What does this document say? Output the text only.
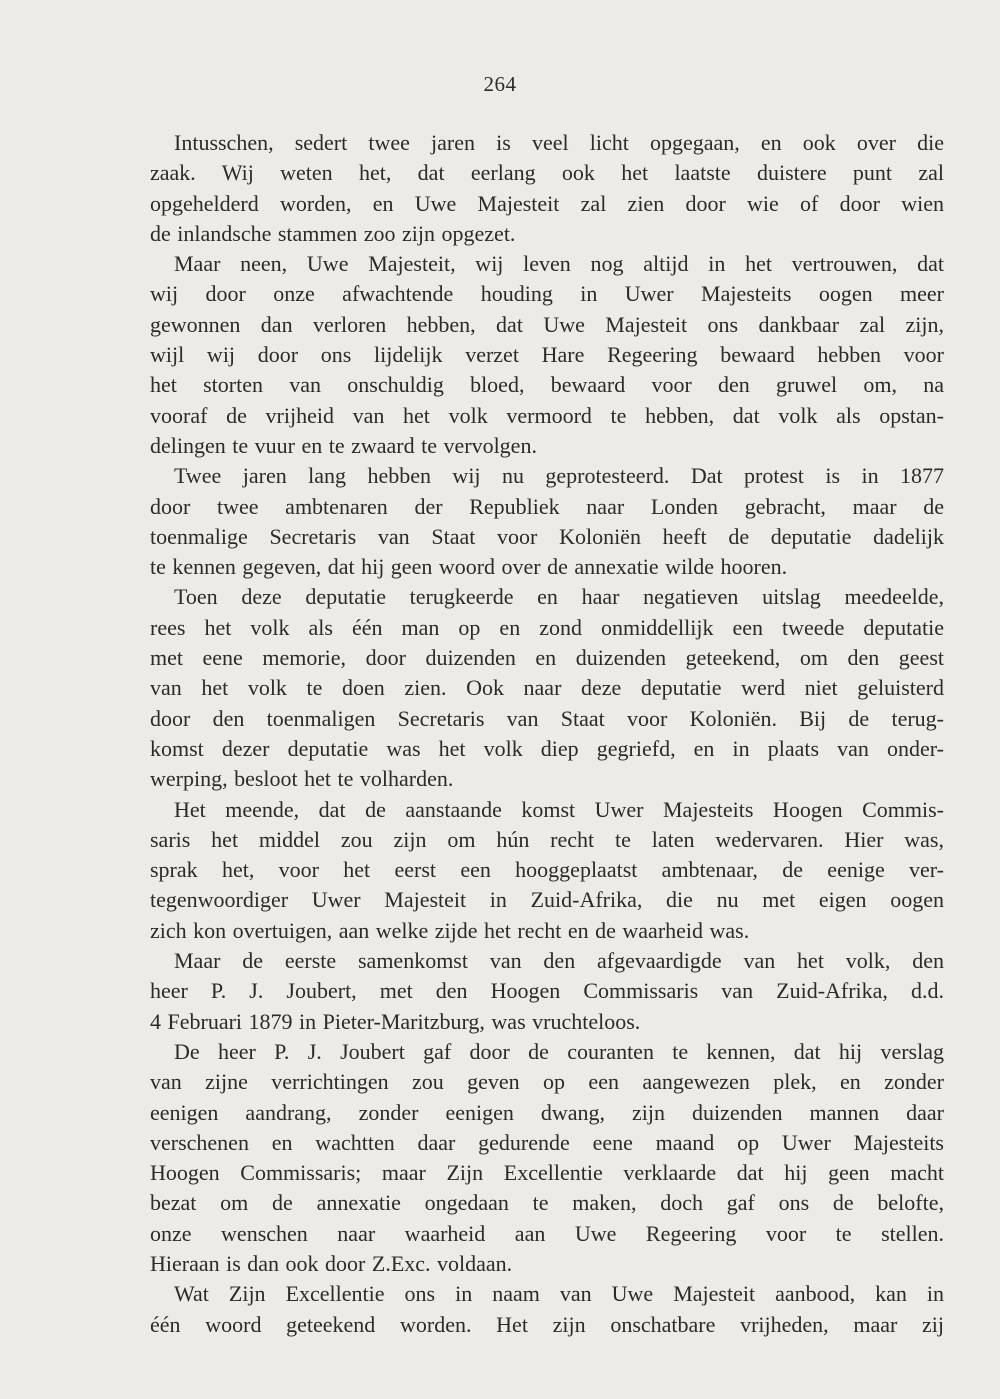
264
Intusschen, sedert twee jaren is veel licht opgegaan, en ook over die
zaak. Wij weten het, dat eerlang ook het laatste duistere punt zal
opgehelderd worden, en Uwe Majesteit zal zien door wie of door wien
de inlandsche stammen zoo zijn opgezet.
Maar neen, Uwe Majesteit, wij leven nog altijd in het vertrouwen, dat
wij door onze afwachtende houding in Uwer Majesteits oogen meer
gewonnen dan verloren hebben, dat Uwe Majesteit ons dankbaar zal zijn,
wijl wij door ons lijdelijk verzet Hare Regeering bewaard hebben voor
het storten van onschuldig bloed, bewaard voor den gruwel om, na
vooraf de vrijheid van het volk vermoord te hebben, dat volk als opstan-
delingen te vuur en te zwaard te vervolgen.
Twee jaren lang hebben wij nu geprotesteerd. Dat protest is in 1877
door twee ambtenaren der Republiek naar Londen gebracht, maar de
toenmalige Secretaris van Staat voor Koloniën heeft de deputatie dadelijk
te kennen gegeven, dat hij geen woord over de annexatie wilde hooren.
Toen deze deputatie terugkeerde en haar negatieven uitslag meedeelde,
rees het volk als één man op en zond onmiddellijk een tweede deputatie
met eene memorie, door duizenden en duizenden geteekend, om den geest
van het volk te doen zien. Ook naar deze deputatie werd niet geluisterd
door den toenmaligen Secretaris van Staat voor Koloniën. Bij de terug-
komst dezer deputatie was het volk diep gegriefd, en in plaats van onder-
werping, besloot het te volharden.
Het meende, dat de aanstaande komst Uwer Majesteits Hoogen Commis-
saris het middel zou zijn om hún recht te laten wedervaren. Hier was,
sprak het, voor het eerst een hooggeplaatst ambtenaar, de eenige ver-
tegenwoordiger Uwer Majesteit in Zuid-Afrika, die nu met eigen oogen
zich kon overtuigen, aan welke zijde het recht en de waarheid was.
Maar de eerste samenkomst van den afgevaardigde van het volk, den
heer P. J. Joubert, met den Hoogen Commissaris van Zuid-Afrika, d.d.
4 Februari 1879 in Pieter-Maritzburg, was vruchteloos.
De heer P. J. Joubert gaf door de couranten te kennen, dat hij verslag
van zijne verrichtingen zou geven op een aangewezen plek, en zonder
eenigen aandrang, zonder eenigen dwang, zijn duizenden mannen daar
verschenen en wachtten daar gedurende eene maand op Uwer Majesteits
Hoogen Commissaris; maar Zijn Excellentie verklaarde dat hij geen macht
bezat om de annexatie ongedaan te maken, doch gaf ons de belofte,
onze wenschen naar waarheid aan Uwe Regeering voor te stellen.
Hieraan is dan ook door Z.Exc. voldaan.
Wat Zijn Excellentie ons in naam van Uwe Majesteit aanbood, kan in
één woord geteekend worden. Het zijn onschatbare vrijheden, maar zij
